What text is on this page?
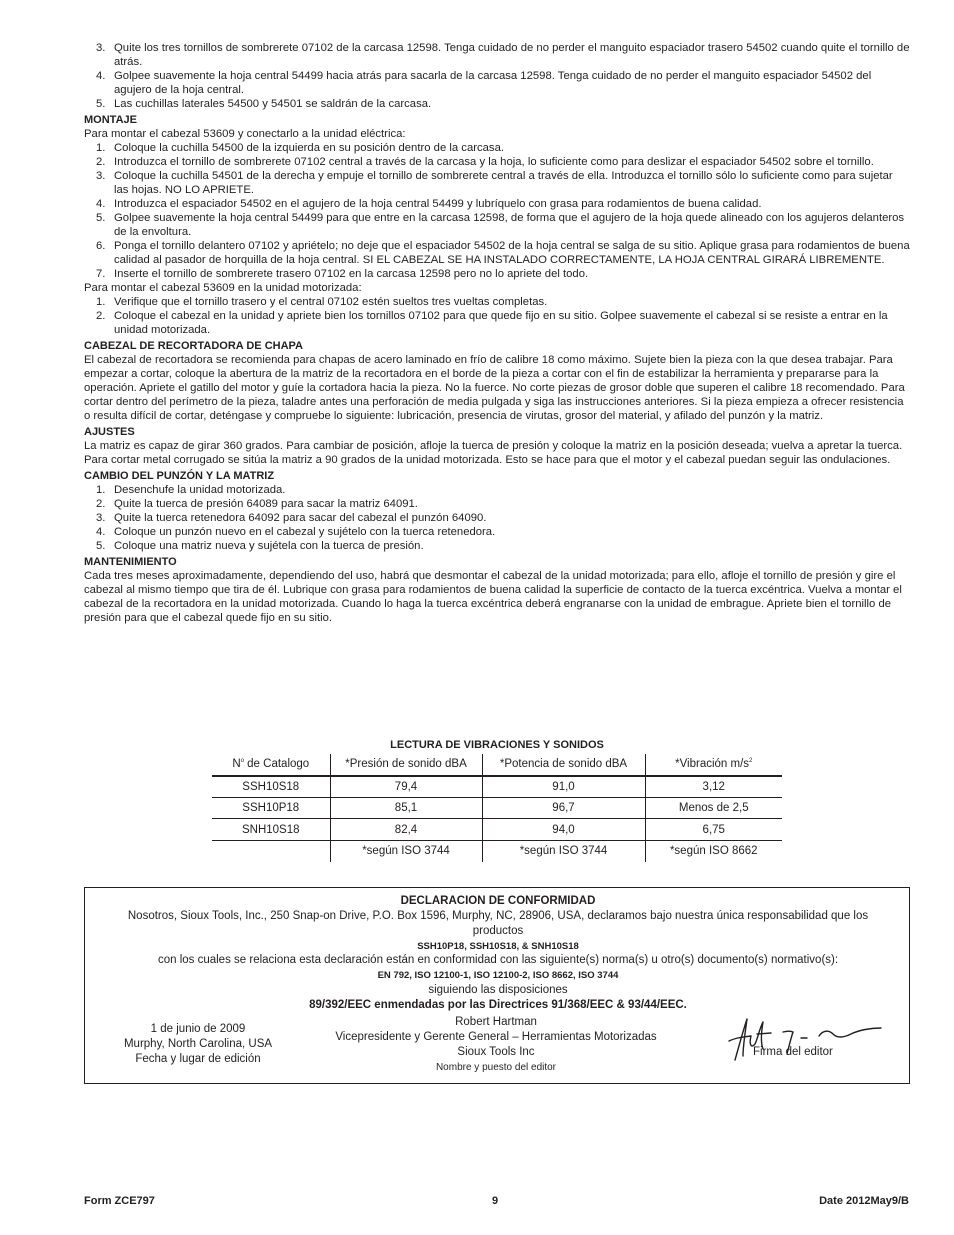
3. Quite los tres tornillos de sombrerete 07102 de la carcasa 12598. Tenga cuidado de no perder el manguito espaciador trasero 54502 cuando quite el tornillo de atrás.
4. Golpee suavemente la hoja central 54499 hacia atrás para sacarla de la carcasa 12598. Tenga cuidado de no perder el manguito espaciador 54502 del agujero de la hoja central.
5. Las cuchillas laterales 54500 y 54501 se saldrán de la carcasa.
MONTAJE

Para montar el cabezal 53609 y conectarlo a la unidad eléctrica:

1. Coloque la cuchilla 54500 de la izquierda en su posición dentro de la carcasa.
2. Introduzca el tornillo de sombrerete 07102 central a través de la carcasa y la hoja, lo suficiente como para deslizar el espaciador 54502 sobre el tornillo.
3. Coloque la cuchilla 54501 de la derecha y empuje el tornillo de sombrerete central a través de ella. Introduzca el tornillo sólo lo suficiente como para sujetar las hojas. NO LO APRIETE.
4. Introduzca el espaciador 54502 en el agujero de la hoja central 54499 y lubríquelo con grasa para rodamientos de buena calidad.
5. Golpee suavemente la hoja central 54499 para que entre en la carcasa 12598, de forma que el agujero de la hoja quede alineado con los agujeros delanteros de la envoltura.
6. Ponga el tornillo delantero 07102 y apriételo; no deje que el espaciador 54502 de la hoja central se salga de su sitio. Aplique grasa para rodamientos de buena calidad al pasador de horquilla de la hoja central. SI EL CABEZAL SE HA INSTALADO CORRECTAMENTE, LA HOJA CENTRAL GIRARÁ LIBREMENTE.
7. Inserte el tornillo de sombrerete trasero 07102 en la carcasa 12598 pero no lo apriete del todo.

Para montar el cabezal 53609 en la unidad motorizada:

1. Verifique que el tornillo trasero y el central 07102 estén sueltos tres vueltas completas.
2. Coloque el cabezal en la unidad y apriete bien los tornillos 07102 para que quede fijo en su sitio. Golpee suavemente el cabezal si se resiste a entrar en la unidad motorizada.
CABEZAL DE RECORTADORA DE CHAPA

El cabezal de recortadora se recomienda para chapas de acero laminado en frío de calibre 18 como máximo. Sujete bien la pieza con la que desea trabajar. Para empezar a cortar, coloque la abertura de la matriz de la recortadora en el borde de la pieza a cortar con el fin de estabilizar la herramienta y prepararse para la operación. Apriete el gatillo del motor y guíe la cortadora hacia la pieza. No la fuerce. No corte piezas de grosor doble que superen el calibre 18 recomendado. Para cortar dentro del perímetro de la pieza, taladre antes una perforación de media pulgada y siga las instrucciones anteriores. Si la pieza empieza a ofrecer resistencia o resulta difícil de cortar, deténgase y compruebe lo siguiente: lubricación, presencia de virutas, grosor del material, y afilado del punzón y la matriz.

AJUSTES

La matriz es capaz de girar 360 grados. Para cambiar de posición, afloje la tuerca de presión y coloque la matriz en la posición deseada; vuelva a apretar la tuerca. Para cortar metal corrugado se sitúa la matriz a 90 grados de la unidad motorizada. Esto se hace para que el motor y el cabezal puedan seguir las ondulaciones.

CAMBIO DEL PUNZÓN Y LA MATRIZ
1. Desenchufe la unidad motorizada.
2. Quite la tuerca de presión 64089 para sacar la matriz 64091.
3. Quite la tuerca retenedora 64092 para sacar del cabezal el punzón 64090.
4. Coloque un punzón nuevo en el cabezal y sujételo con la tuerca retenedora.
5. Coloque una matriz nueva y sujétela con la tuerca de presión.
MANTENIMIENTO

Cada tres meses aproximadamente, dependiendo del uso, habrá que desmontar el cabezal de la unidad motorizada; para ello, afloje el tornillo de presión y gire el cabezal al mismo tiempo que tira de él. Lubrique con grasa para rodamientos de buena calidad la superficie de contacto de la tuerca excéntrica. Vuelva a montar el cabezal de la recortadora en la unidad motorizada. Cuando lo haga la tuerca excéntrica deberá engranarse con la unidad de embrague. Apriete bien el tornillo de presión para que el cabezal quede fijo en su sitio.

LECTURA DE VIBRACIONES Y SONIDOS
$N^o$ de Catalogo	*Presión de sonido dBA	*Potencia de sonido dBA	*Vibración $m/s^2$
SSH10S18	79,4	91,0	3,12
SSH10P18	85,1	96,7	Menos de 2,5
SNH10S18	82,4	94,0	6,75
	*según ISO 3744	*según ISO 3744	*según ISO 8662
DECLARACION DE CONFORMIDAD
Nosotros, Sioux Tools, Inc., 250 Snap-on Drive, P.O. Box 1596, Murphy, NC, 28906, USA, declaramos bajo nuestra única responsabilidad que los
productos
SSH10P18, SSH10S18, & SNH10S18
con los cuales se relaciona esta declaración están en conformidad con las siguiente(s) norma(s) u otro(s) documento(s) normativo(s):
EN 792, ISO 12100-1, ISO 12100-2, ISO 8662, ISO 3744
siguiendo las disposiciones
89/392/EEC enmendadas por las Directrices 91/368/EEC & 93/44/EEC.
1 de junio de 2009
Murphy, North Carolina, USA
Fecha y lugar de edición
Robert Hartman
Vicepresidente y Gerente General – Herramientas Motorizadas
Sioux Tools Inc
Nombre y puesto del editor
Firma del editor
Form ZCE797	9	Date 2012May9/B
